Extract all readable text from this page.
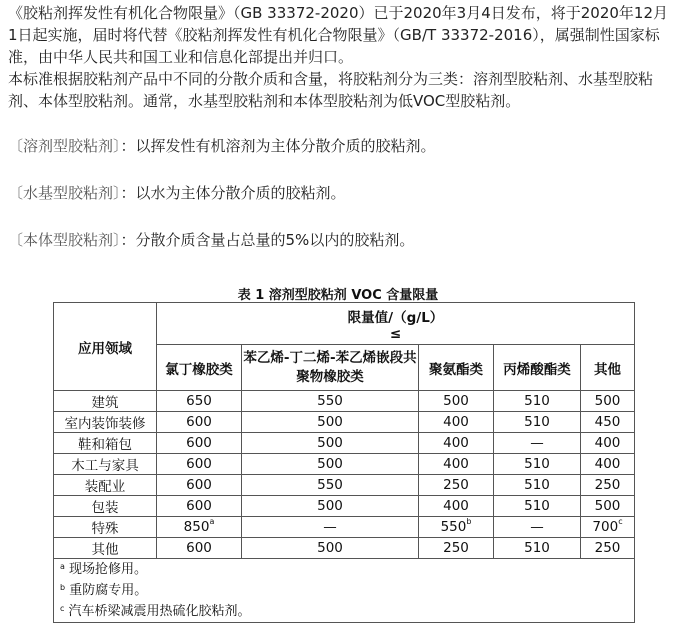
《胶粘剂挥发性有机化合物限量》（GB 33372-2020）已于2020年3月4日发布，将于2020年12月1日起实施，届时将代替《胶粘剂挥发性有机化合物限量》（GB/T 33372-2016），属强制性国家标准，由中华人民共和国工业和信息化部提出并归口。

本标准根据胶粘剂产品中不同的分散介质和含量，将胶粘剂分为三类：溶剂型胶粘剂、水基型胶粘剂、本体型胶粘剂。通常，水基型胶粘剂和本体型胶粘剂为低VOC型胶粘剂。

〔溶剂型胶粘剂〕：以挥发性有机溶剂为主体分散介质的胶粘剂。
〔水基型胶粘剂〕：以水为主体分散介质的胶粘剂。
〔本体型胶粘剂〕：分散介质含量占总量的5%以内的胶粘剂。
表 1 溶剂型胶粘剂 VOC 含量限量
应用领域	限量值/（g/L）
≤				

	氯丁橡胶类	苯乙烯-丁二烯-苯乙烯嵌段共聚物橡胶类	聚氨酯类	丙烯酸酯类	其他
建筑	650	550	500	510	500
室内装饰装修	600	500	400	510	450
鞋和箱包	600	500	400	—	400
木工与家具	600	500	400	510	400
装配业	600	550	250	510	250
包装	600	500	400	510	500
特殊	850$^a$	—	550$^b$	—	700$^c$
其他	600	500	250	510	250

$^a$ 现场抢修用。
$^b$ 重防腐专用。
$^c$ 汽车桥梁减震用热硫化胶粘剂。					
